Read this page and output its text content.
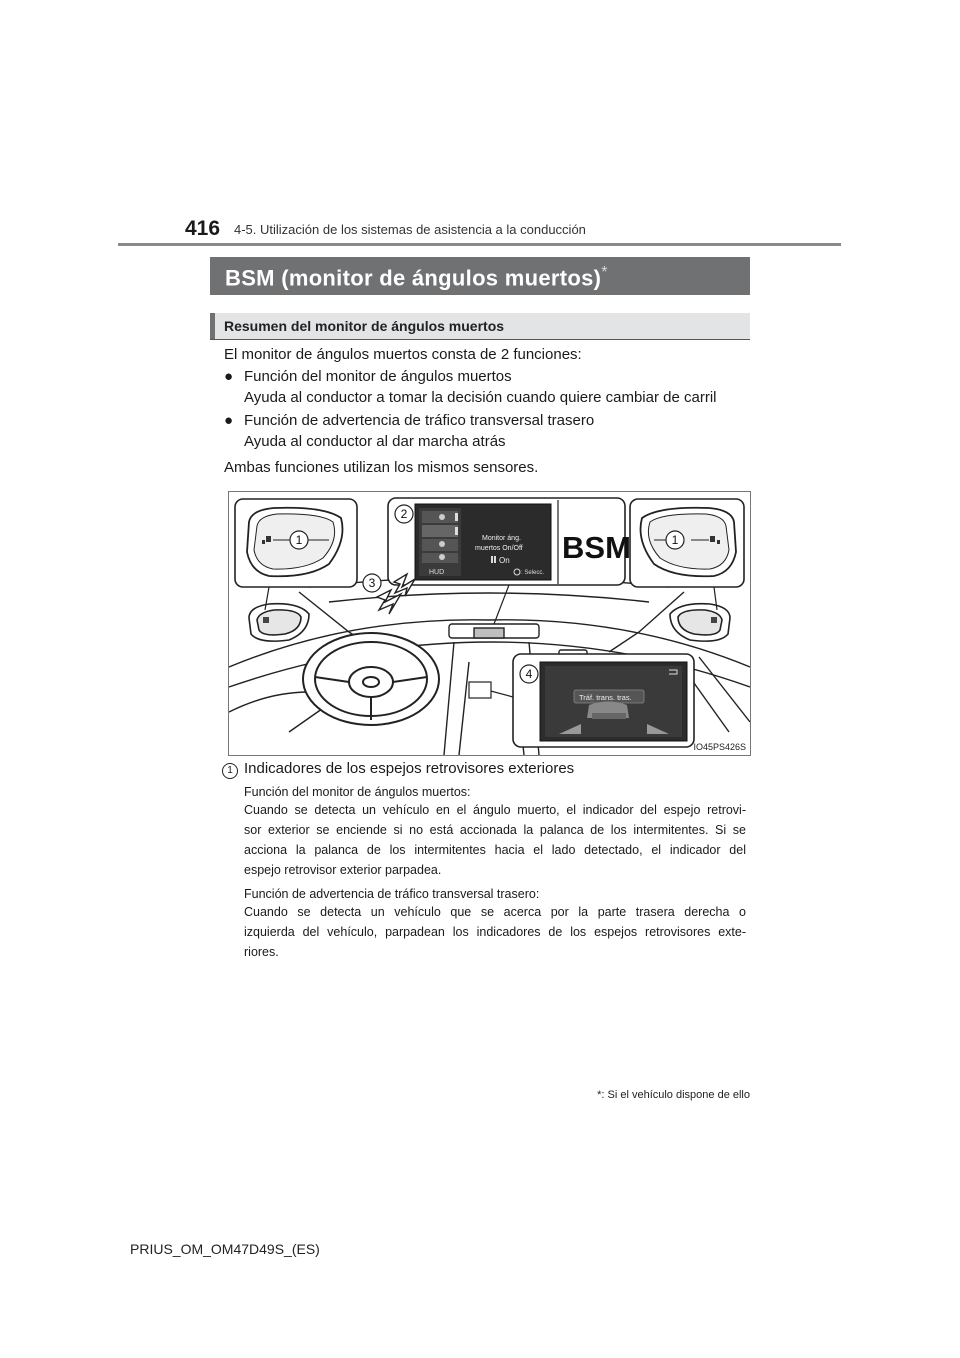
416 4-5. Utilización de los sistemas de asistencia a la conducción
BSM (monitor de ángulos muertos)*
Resumen del monitor de ángulos muertos
El monitor de ángulos muertos consta de 2 funciones:
● Función del monitor de ángulos muertos
Ayuda al conductor a tomar la decisión cuando quiere cambiar de carril
● Función de advertencia de tráfico transversal trasero
Ayuda al conductor al dar marcha atrás
Ambas funciones utilizan los mismos sensores.
HUD
Monitor áng.
muertos On/Off
On
: Selecc.
BSM
Tráf. trans. tras.
1
2
3
4
1
IO45PS426S
1 Indicadores de los espejos retrovisores exteriores
Función del monitor de ángulos muertos:
Cuando se detecta un vehículo en el ángulo muerto, el indicador del espejo retrovi-
sor exterior se enciende si no está accionada la palanca de los intermitentes. Si se
acciona la palanca de los intermitentes hacia el lado detectado, el indicador del
espejo retrovisor exterior parpadea.
Función de advertencia de tráfico transversal trasero:
Cuando se detecta un vehículo que se acerca por la parte trasera derecha o
izquierda del vehículo, parpadean los indicadores de los espejos retrovisores exte-
riores.
*: Si el vehículo dispone de ello
PRIUS_OM_OM47D49S_(ES)
